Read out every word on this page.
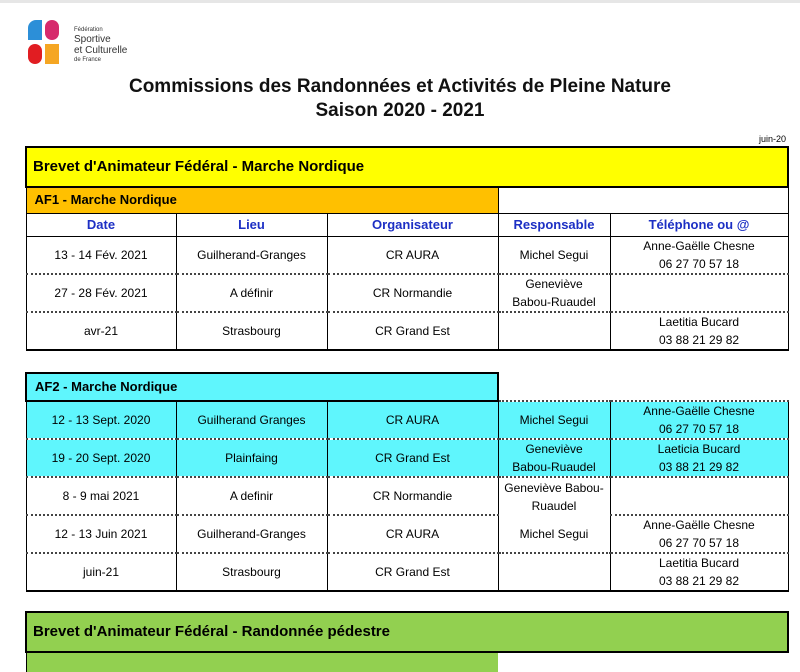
Fédération
Sportive
et Culturelle
de France
Commissions des Randonnées et Activités de Pleine Nature
Saison 2020 - 2021
juin-20
Brevet d'Animateur Fédéral - Marche Nordique				
AF1 - Marche Nordique				
Date	Lieu	Organisateur	Responsable	Téléphone ou @
13 - 14 Fév. 2021	Guilherand-Granges	CR AURA	Michel Segui	Anne-Gaëlle Chesne
06 27 70 57 18

27 - 28 Fév. 2021	A définir	CR Normandie	Geneviève
Babou-Ruaudel	

avr-21	Strasbourg	CR Grand Est		Laetitia Bucard
03 88 21 29 82
AF2 - Marche Nordique				
12 - 13 Sept. 2020	Guilherand Granges	CR AURA	Michel Segui	Anne-Gaëlle Chesne
06 27 70 57 18

19 - 20 Sept. 2020	Plainfaing	CR Grand Est	Geneviève Babou-Ruaudel	Laeticia Bucard
03 88 21 29 82

8 - 9 mai 2021	A definir	CR Normandie	Geneviève Babou-Ruaudel	
12 - 13 Juin 2021	Guilherand-Granges	CR AURA	Michel Segui	Anne-Gaëlle Chesne
06 27 70 57 18

juin-21	Strasbourg	CR Grand Est		Laetitia Bucard
03 88 21 29 82
Brevet d'Animateur Fédéral - Randonnée pédestre
